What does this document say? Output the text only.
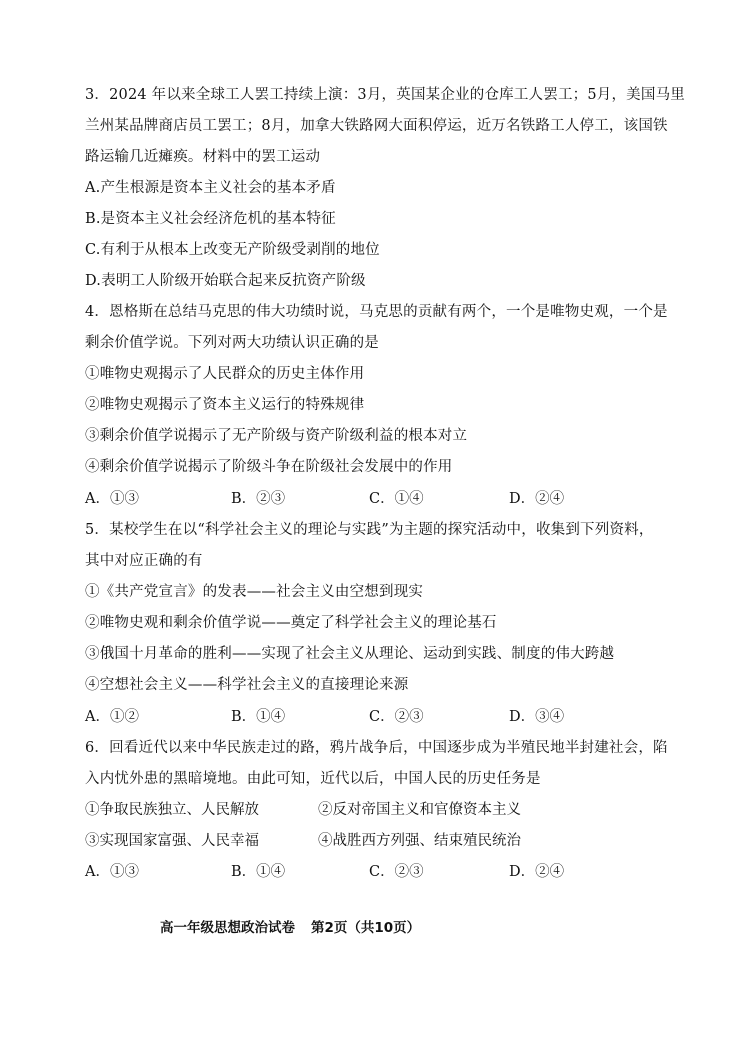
3．2024 年以来全球工人罢工持续上演：3月，英国某企业的仓库工人罢工；5月，美国马里
兰州某品牌商店员工罢工；8月，加拿大铁路网大面积停运，近万名铁路工人停工，该国铁
路运输几近瘫痪。材料中的罢工运动
A.产生根源是资本主义社会的基本矛盾
B.是资本主义社会经济危机的基本特征
C.有利于从根本上改变无产阶级受剥削的地位
D.表明工人阶级开始联合起来反抗资产阶级
4．恩格斯在总结马克思的伟大功绩时说，马克思的贡献有两个，一个是唯物史观，一个是
剩余价值学说。下列对两大功绩认识正确的是
①唯物史观揭示了人民群众的历史主体作用
②唯物史观揭示了资本主义运行的特殊规律
③剩余价值学说揭示了无产阶级与资产阶级利益的根本对立
④剩余价值学说揭示了阶级斗争在阶级社会发展中的作用
A．①③	B．②③	C．①④	D．②④
5．某校学生在以“科学社会主义的理论与实践”为主题的探究活动中，收集到下列资料，
其中对应正确的有
①《共产党宣言》的发表——社会主义由空想到现实
②唯物史观和剩余价值学说——奠定了科学社会主义的理论基石
③俄国十月革命的胜利——实现了社会主义从理论、运动到实践、制度的伟大跨越
④空想社会主义——科学社会主义的直接理论来源
A．①②	B．①④	C．②③	D．③④
6．回看近代以来中华民族走过的路，鸦片战争后，中国逐步成为半殖民地半封建社会，陷
入内忧外患的黑暗境地。由此可知，近代以后，中国人民的历史任务是
①争取民族独立、人民解放	②反对帝国主义和官僚资本主义
③实现国家富强、人民幸福	④战胜西方列强、结束殖民统治
A．①③	B．①④	C．②③	D．②④
高一年级思想政治试卷 第2页（共10页）
